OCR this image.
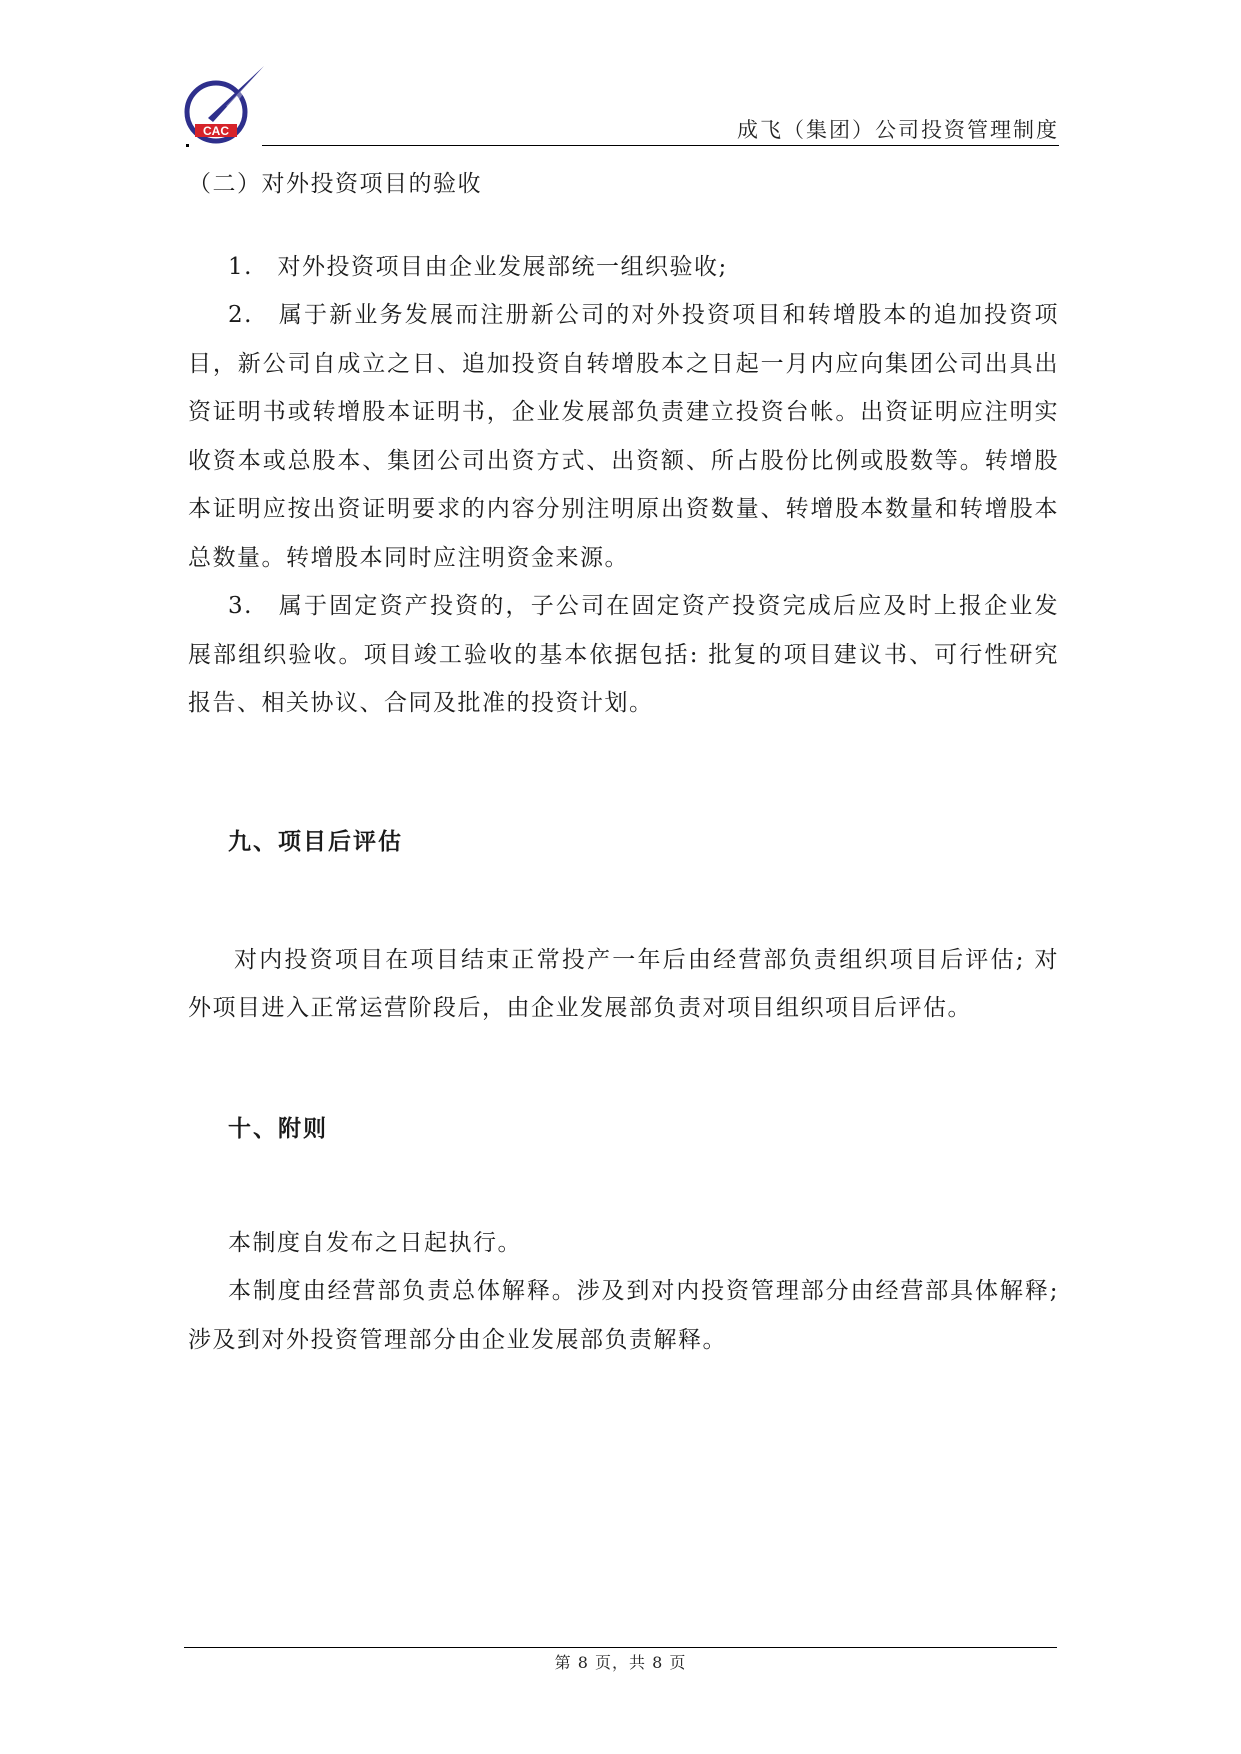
CAC	成飞（集团）公司投资管理制度

（二）对外投资项目的验收

1.　对外投资项目由企业发展部统一组织验收;

2.　属于新业务发展而注册新公司的对外投资项目和转增股本的追加投资项目，新公司自成立之日、追加投资自转增股本之日起一月内应向集团公司出具出资证明书或转增股本证明书，企业发展部负责建立投资台帐。出资证明应注明实收资本或总股本、集团公司出资方式、出资额、所占股份比例或股数等。转增股本证明应按出资证明要求的内容分别注明原出资数量、转增股本数量和转增股本总数量。转增股本同时应注明资金来源。

3.　属于固定资产投资的，子公司在固定资产投资完成后应及时上报企业发展部组织验收。项目竣工验收的基本依据包括: 批复的项目建议书、可行性研究报告、相关协议、合同及批准的投资计划。

九、项目后评估

对内投资项目在项目结束正常投产一年后由经营部负责组织项目后评估; 对外项目进入正常运营阶段后，由企业发展部负责对项目组织项目后评估。

十、附则

本制度自发布之日起执行。

本制度由经营部负责总体解释。涉及到对内投资管理部分由经营部具体解释; 涉及到对外投资管理部分由企业发展部负责解释。

第 8 页，共 8 页
